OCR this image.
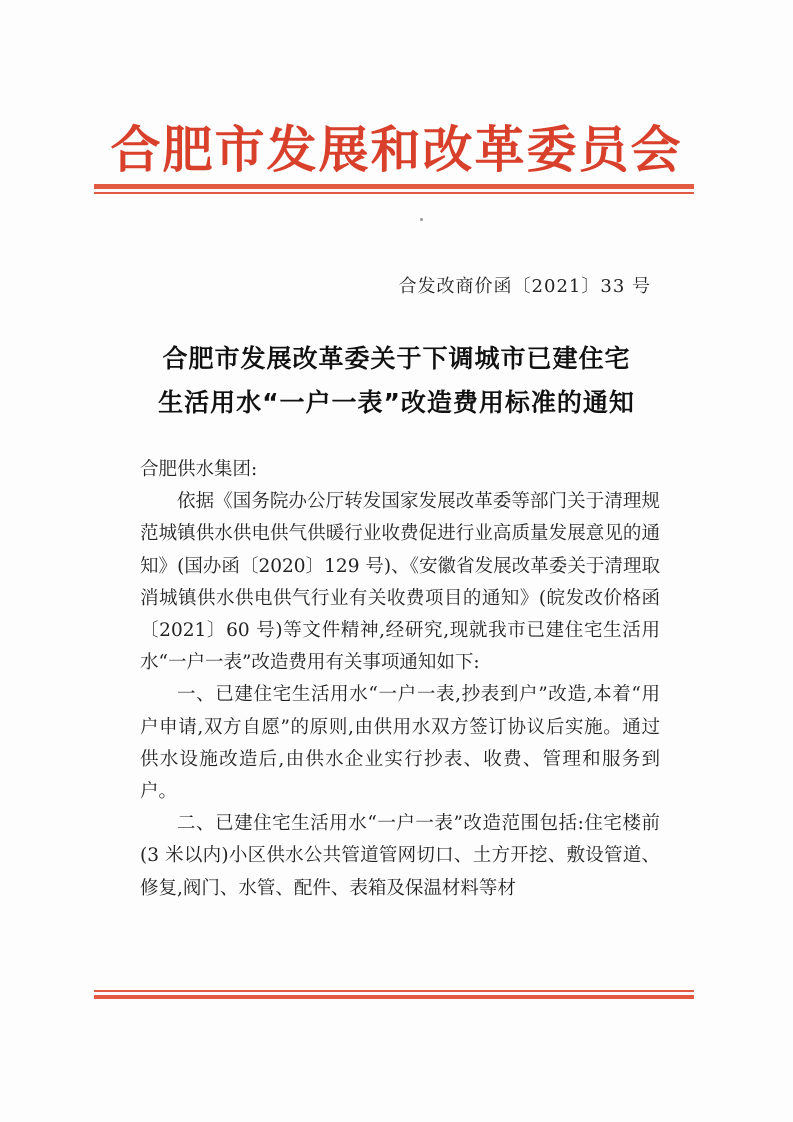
合肥市发展和改革委员会
合发改商价函〔2021〕33 号
合肥市发展改革委关于下调城市已建住宅
生活用水“一户一表”改造费用标准的通知

合肥供水集团:

依据《国务院办公厅转发国家发展改革委等部门关于清理规范城镇供水供电供气供暖行业收费促进行业高质量发展意见的通知》(国办函〔2020〕129 号)、《安徽省发展改革委关于清理取消城镇供水供电供气行业有关收费项目的通知》(皖发改价格函〔2021〕60 号)等文件精神,经研究,现就我市已建住宅生活用水“一户一表”改造费用有关事项通知如下:

一、已建住宅生活用水“一户一表,抄表到户”改造,本着“用户申请,双方自愿”的原则,由供用水双方签订协议后实施。通过供水设施改造后,由供水企业实行抄表、收费、管理和服务到户。

二、已建住宅生活用水“一户一表”改造范围包括:住宅楼前(3 米以内)小区供水公共管道管网切口、土方开挖、敷设管道、修复,阀门、水管、配件、表箱及保温材料等材
